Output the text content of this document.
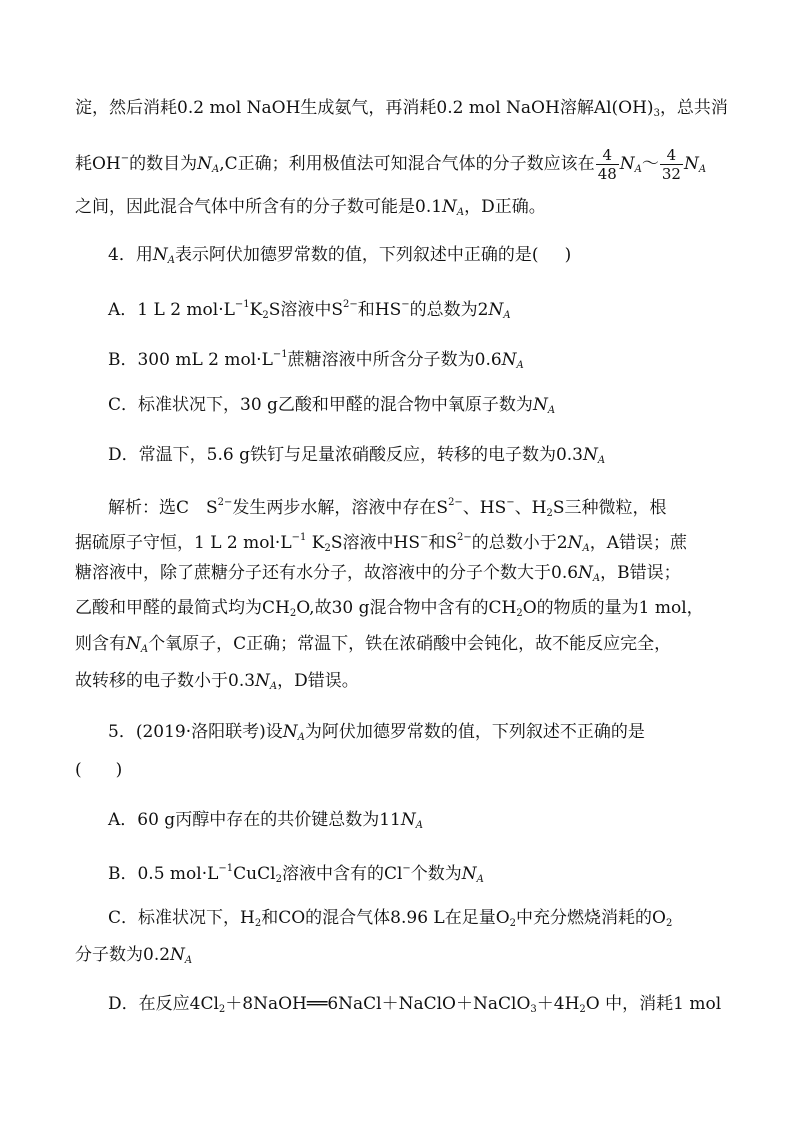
淀，然后消耗0.2 mol NaOH生成氨气，再消耗0.2 mol NaOH溶解$Al(OH)_3$，总共消
耗OH−的数目为$N_A,C$正确；利用极值法可知混合气体的分子数应该在 $\frac{4}{48}$ $N_A\sim \frac{4}{32} N_A$
之间，因此混合气体中所含有的分子数可能是$0.1N_A$，D正确。
4．用$N_A$表示阿伏加德罗常数的值，下列叙述中正确的是( )
A．1 L 2 $mol\cdot L^{-1}K_2S$溶液中$S^{2-}$和HS−的总数为$2N_A$
B．300 mL 2 $mol\cdot L^{-1}$蔗糖溶液中所含分子数为$0.6N_A$
C．标准状况下，30 g乙酸和甲醛的混合物中氧原子数为$N_A$
D．常温下，5.6 g铁钉与足量浓硝酸反应，转移的电子数为$0.3N_A$
解析：选C　$S^{2-}$发生两步水解，溶液中存在$S^{2-}$、HS−、$H_2S$三种微粒，根
据硫原子守恒，1 L 2 $mol\cdot L^{-1}$ $K_2S$溶液中HS−和$S^{2-}$的总数小于$2N_A$，A错误；蔗
糖溶液中，除了蔗糖分子还有水分子，故溶液中的分子个数大于$0.6N_A$，B错误；
乙酸和甲醛的最简式均为$CH_2O$,故30 g混合物中含有的$CH_2O$的物质的量为1 mol，
则含有$N_A$个氧原子，C正确；常温下，铁在浓硝酸中会钝化，故不能反应完全，
故转移的电子数小于$0.3N_A$，D错误。
5．(2019·洛阳联考)设$N_A$为阿伏加德罗常数的值，下列叙述不正确的是
(　　)
A．60 g丙醇中存在的共价键总数为$11N_A$
B．0.5 $mol\cdot L^{-1}CuCl_2$溶液中含有的Cl−个数为$N_A$
C．标准状况下，$H_2$和CO的混合气体8.96 L在足量$O_2$中充分燃烧消耗的$O_2$
分子数为$0.2N_A$
D．在反应$4Cl_2+8NaOH══6NaCl+NaClO+NaClO_3+4H_2O$ 中，消耗1 mol
